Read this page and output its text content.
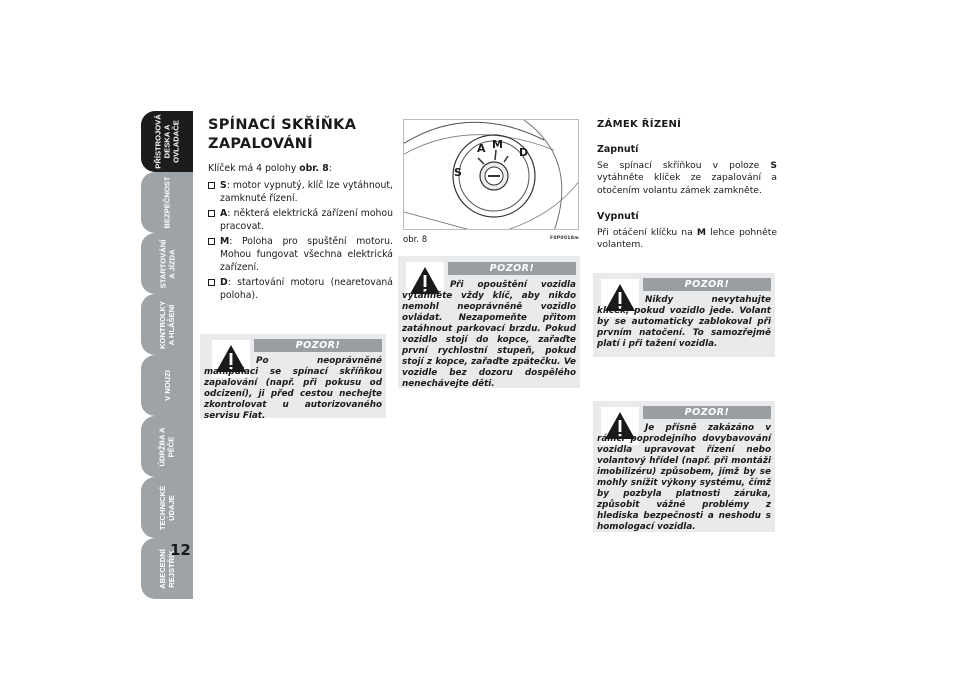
PŘÍSTROJOVÁ
DESKA A
OVLADAČE
BEZPEČNOST
STARTOVÁNÍ
A JÍZDA
KONTROLKY
A HLÁŠENÍ
V NOUZI
ÚDRŽBA A
PÉČE
TECHNICKÉ
ÚDAJE
ABECEDNÍ
REJSTŘÍK
12
SPÍNACÍ SKŘÍŇKA ZAPALOVÁNÍ
Klíček má 4 polohy obr. 8:
S: motor vypnutý, klíč lze vytáhnout, zamknuté řízení.
A: některá elektrická zařízení mohou pracovat.
M: Poloha pro spuštění motoru. Mohou fungovat všechna elektrická zařízení.
D: startování motoru (nearetovaná poloha).
POZOR!
Po neoprávněné manipulaci se spínací skříňkou zapalování (např. při pokusu od odcizení), ji před cestou nechejte zkontrolovat u autorizovaného servisu Fiat.
S
A M
D
obr. 8	F0P0018m
POZOR!
Při opouštění vozidla vytáhněte vždy klíč, aby nikdo nemohl neoprávněně vozidlo ovládat. Nezapomeňte přitom zatáhnout parkovací brzdu. Pokud vozidlo stojí do kopce, zařaďte první rychlostní stupeň, pokud stojí z kopce, zařaďte zpátečku. Ve vozidle bez dozoru dospělého nenechávejte děti.
ZÁMEK ŘÍZENÍ
Zapnutí
Se spínací skříňkou v poloze S vytáhněte klíček ze zapalování a otočením volantu zámek zamkněte.
Vypnutí
Při otáčení klíčku na M lehce pohněte volantem.
POZOR!
Nikdy nevytahujte klíček, pokud vozidlo jede. Volant by se automaticky zablokoval při prvním natočení. To samozřejmě platí i při tažení vozidla.
POZOR!
Je přísně zakázáno v rámci poprodejního dovybavování vozidla upravovat řízení nebo volantový hřídel (např. při montáži imobilizéru) způsobem, jímž by se mohly snížit výkony systému, čímž by pozbyla platnosti záruka, způsobit vážné problémy z hlediska bezpečnosti a neshodu s homologací vozidla.
